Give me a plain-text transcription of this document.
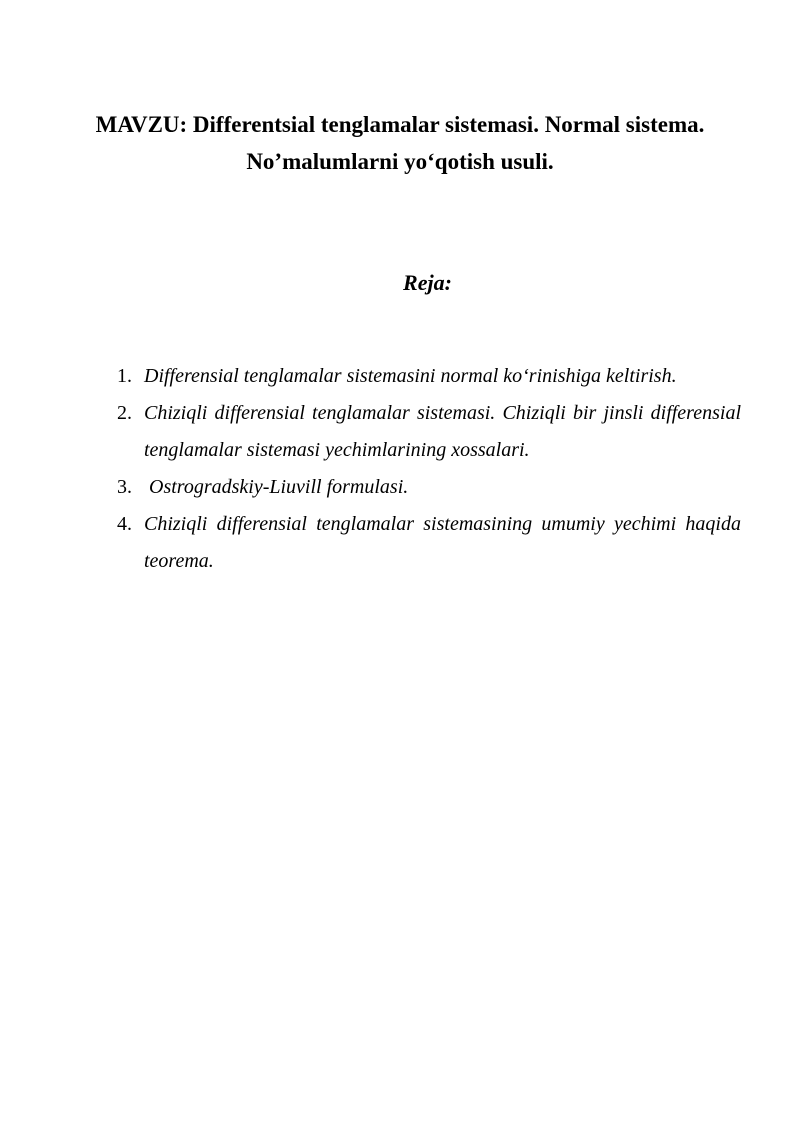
MAVZU: Differentsial tenglamalar sistemasi. Normal sistema.
No’malumlarni yo‘qotish usuli.
Reja:
1. Differensial tenglamalar sistemasini normal ko‘rinishiga keltirish.
2. Chiziqli differensial tenglamalar sistemasi. Chiziqli bir jinsli differensial tenglamalar sistemasi yechimlarining xossalari.
3. Ostrogradskiy-Liuvill formulasi.
4. Chiziqli differensial tenglamalar sistemasining umumiy yechimi haqida teorema.
